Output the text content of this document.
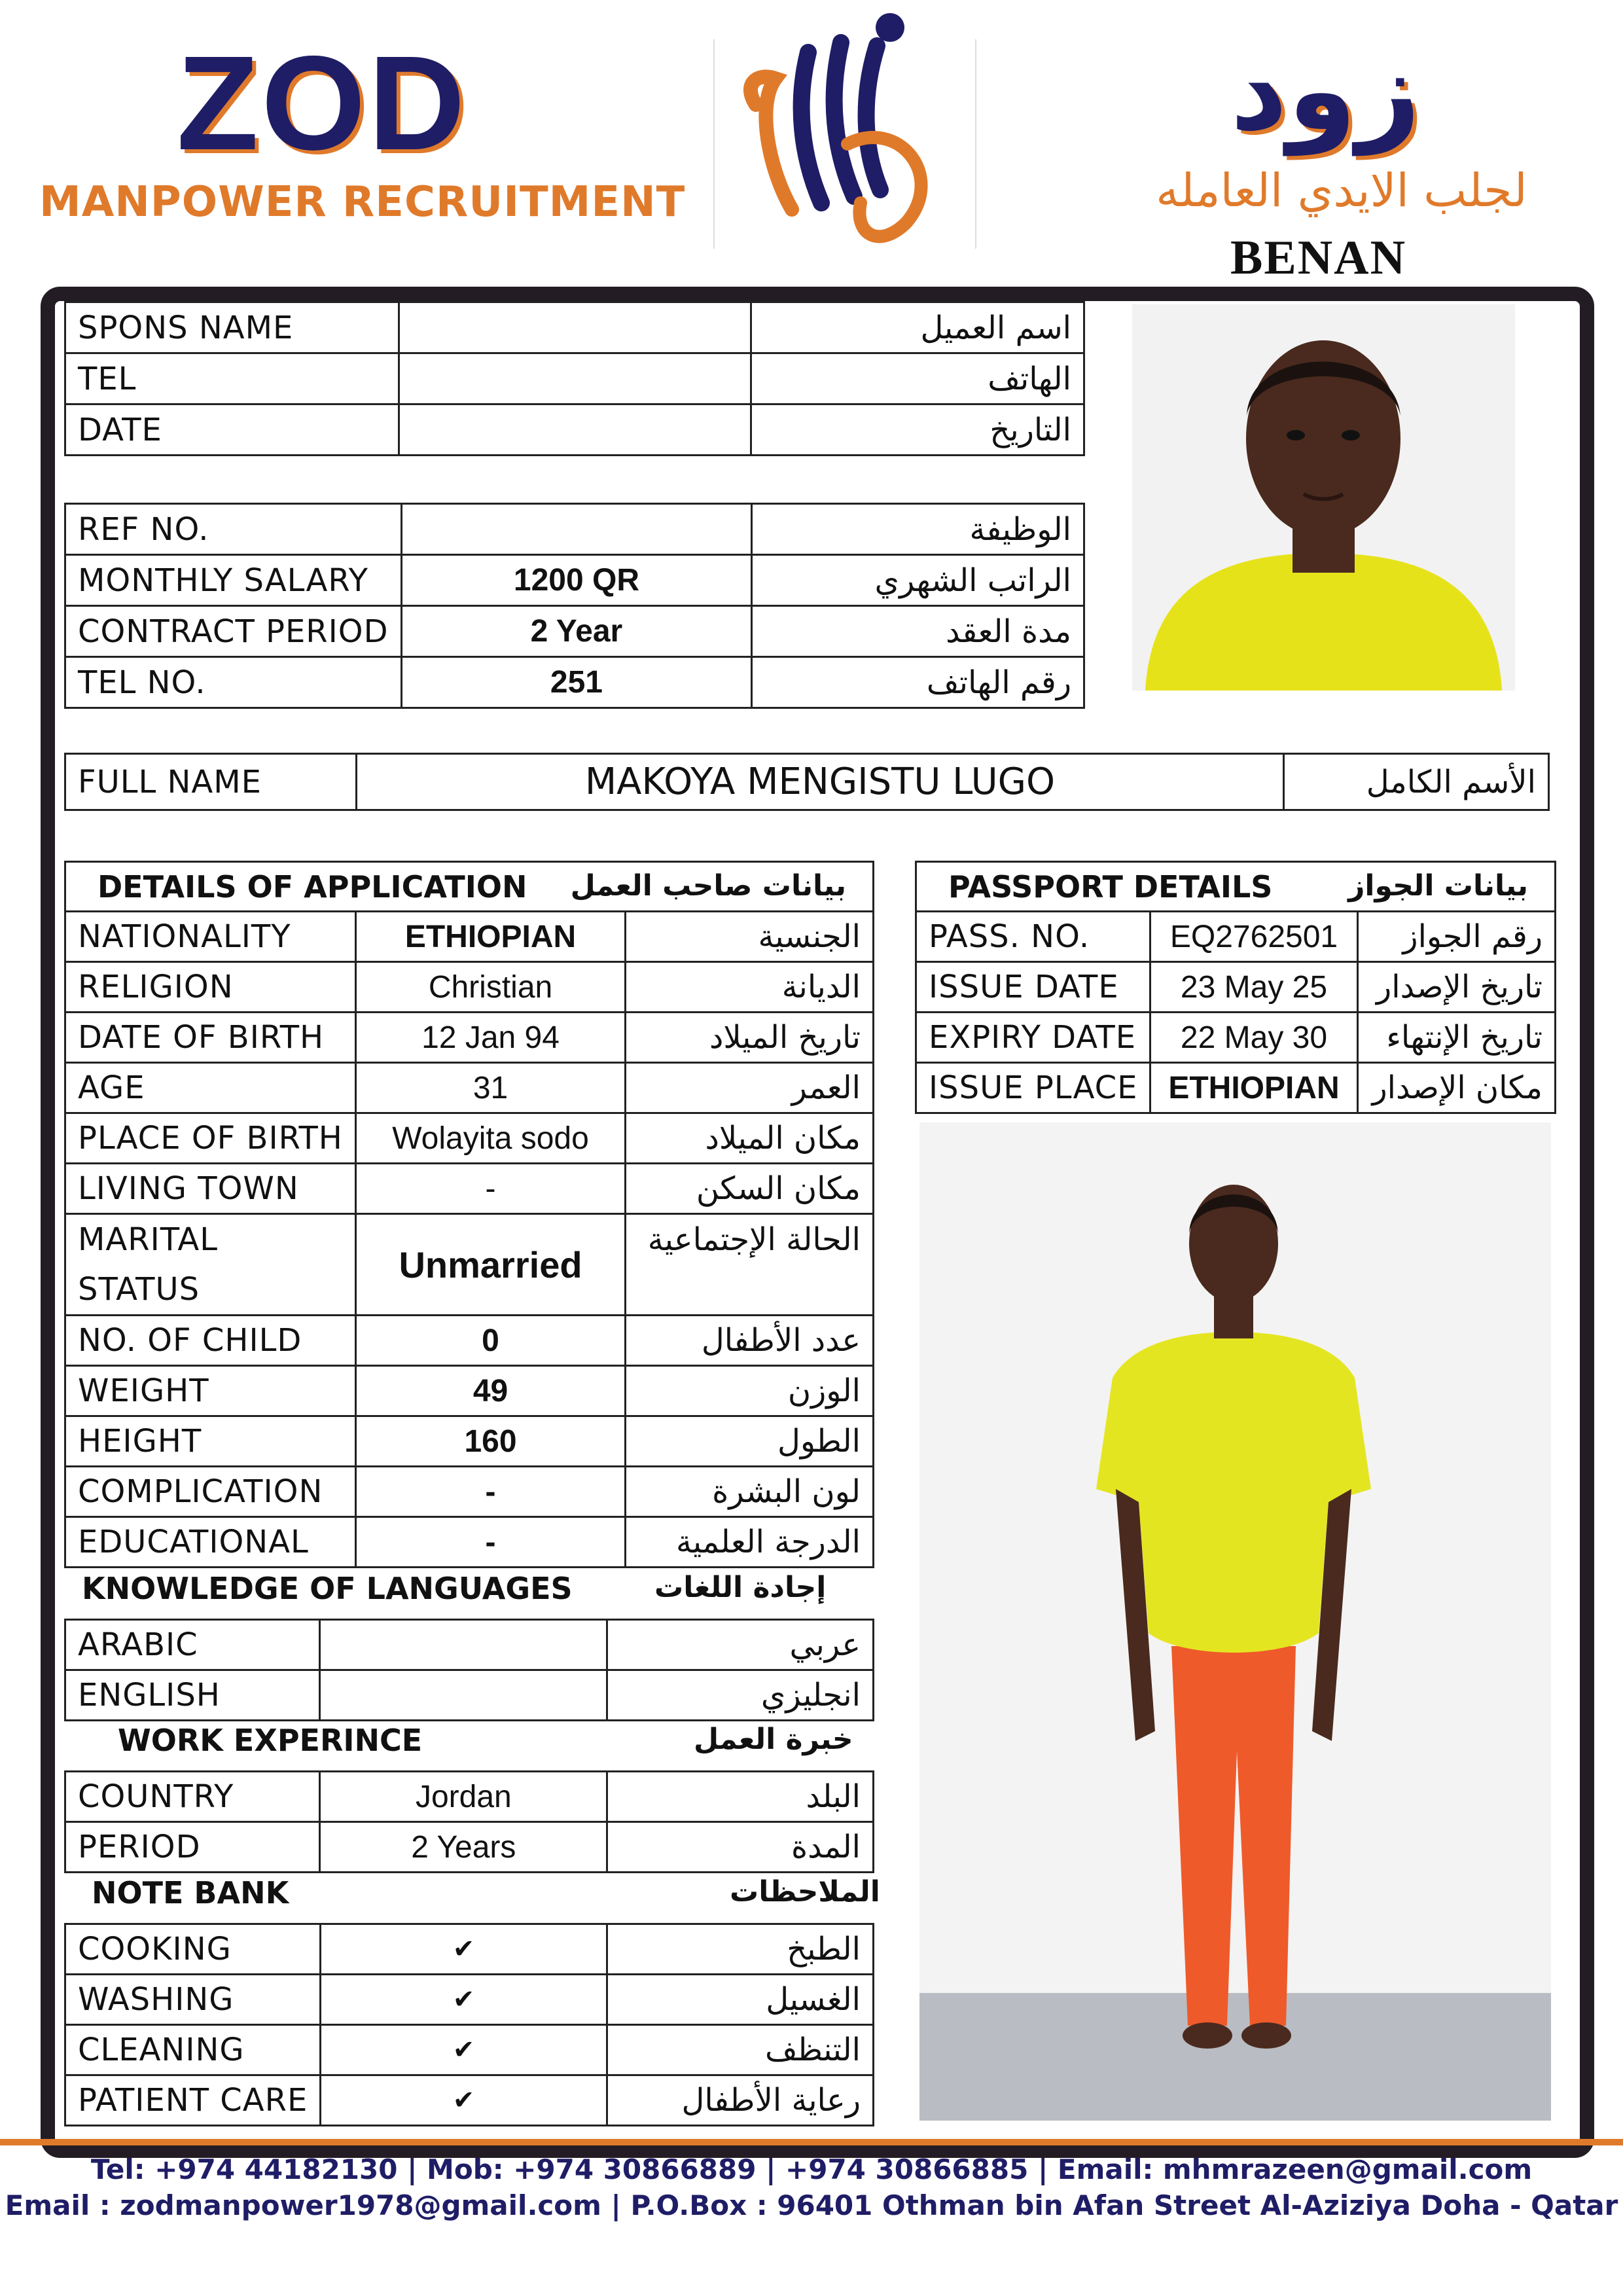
ZOD
MANPOWER RECRUITMENT
زود
لجلب الايدي العامله
BENAN
SPONS NAME		اسم العميل
TEL		الهاتف
DATE		التاريخ
REF NO.		الوظيفة
MONTHLY SALARY	1200 QR	الراتب الشهري
CONTRACT PERIOD	2 Year	مدة العقد
TEL NO.	251	رقم الهاتف
FULL NAME	MAKOYA MENGISTU LUGO	الأسم الكامل
DETAILS OF APPLICATION بيانات صاحب العمل		

NATIONALITY	ETHIOPIAN	الجنسية
RELIGION	Christian	الديانة
DATE OF BIRTH	12 Jan 94	تاريخ الميلاد
AGE	31	العمر
PLACE OF BIRTH	Wolayita sodo	مكان الميلاد
LIVING TOWN	-	مكان السكن
MARITAL
STATUS	Unmarried	الحالة الإجتماعية
NO. OF CHILD	0	عدد الأطفال
WEIGHT	49	الوزن
HEIGHT	160	الطول
COMPLICATION	-	لون البشرة
EDUCATIONAL	-	الدرجة العلمية
KNOWLEDGE OF LANGUAGES	إجادة اللغات
ARABIC		عربي
ENGLISH		انجليزي
WORK EXPERINCE	خبرة العمل
COUNTRY	Jordan	البلد
PERIOD	2 Years	المدة
NOTE BANK	الملاحظات
COOKING	✔	الطبخ
WASHING	✔	الغسيل
CLEANING	✔	التنظف
PATIENT CARE	✔	رعاية الأطفال
PASSPORT DETAILS بيانات الجواز		

PASS. NO.	EQ2762501	رقم الجواز
ISSUE DATE	23 May 25	تاريخ الإصدار
EXPIRY DATE	22 May 30	تاريخ الإنتهاء
ISSUE PLACE	ETHIOPIAN	مكان الإصدار
Tel: +974 44182130 | Mob: +974 30866889 | +974 30866885 | Email: mhmrazeen@gmail.com
Email : zodmanpower1978@gmail.com | P.O.Box : 96401 Othman bin Afan Street Al-Aziziya Doha - Qatar
